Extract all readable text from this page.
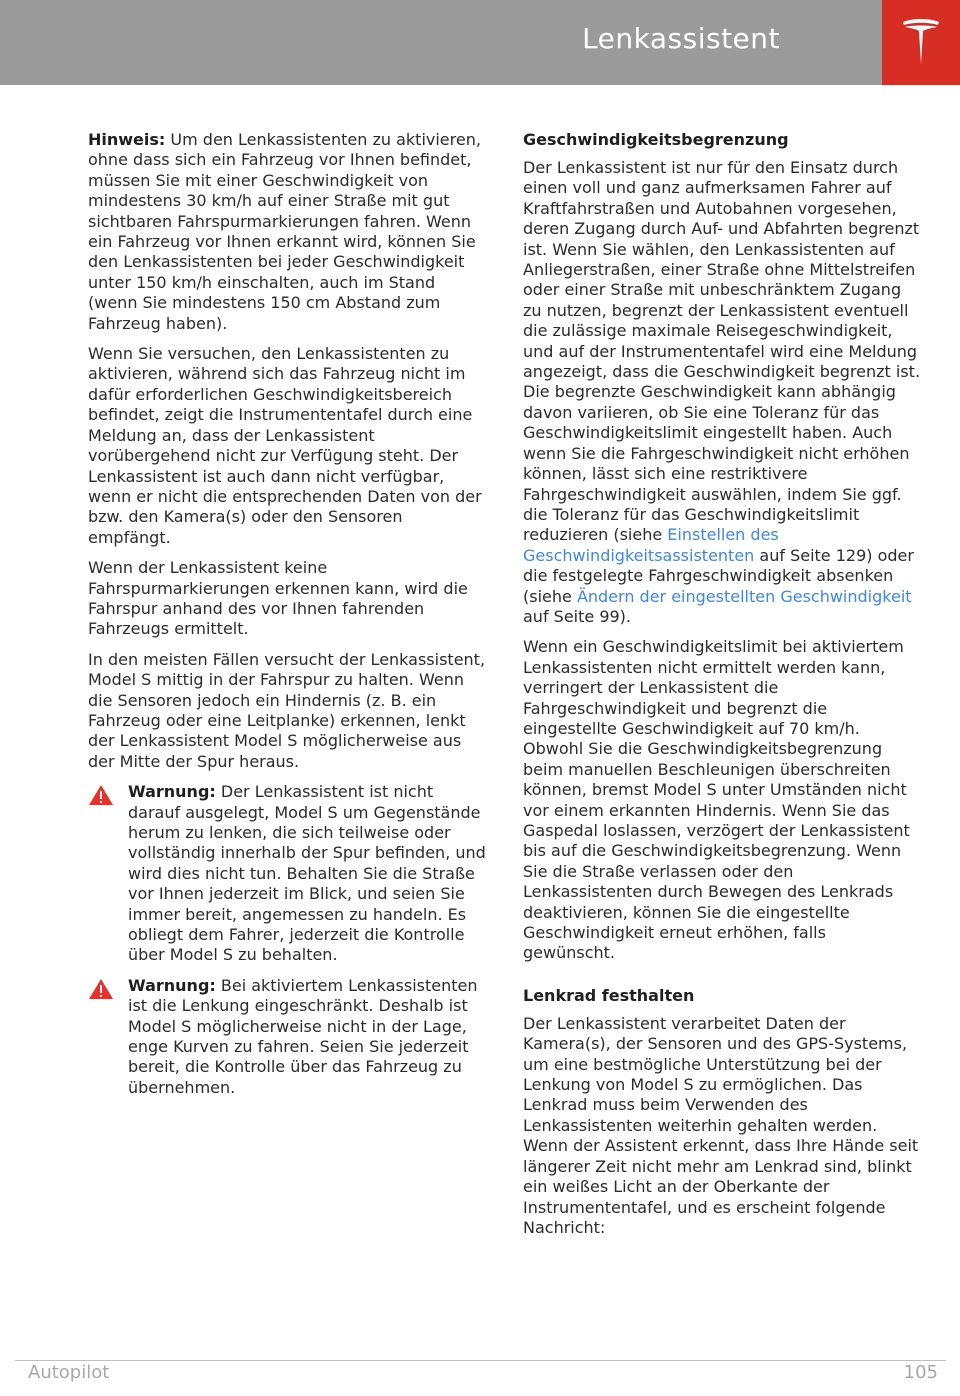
Lenkassistent

Hinweis: Um den Lenkassistenten zu aktivieren, ohne dass sich ein Fahrzeug vor Ihnen befindet, müssen Sie mit einer Geschwindigkeit von mindestens 30 km/h auf einer Straße mit gut sichtbaren Fahrspurmarkierungen fahren. Wenn ein Fahrzeug vor Ihnen erkannt wird, können Sie den Lenkassistenten bei jeder Geschwindigkeit unter 150 km/h einschalten, auch im Stand (wenn Sie mindestens 150 cm Abstand zum Fahrzeug haben).

Wenn Sie versuchen, den Lenkassistenten zu aktivieren, während sich das Fahrzeug nicht im dafür erforderlichen Geschwindigkeitsbereich befindet, zeigt die Instrumententafel durch eine Meldung an, dass der Lenkassistent vorübergehend nicht zur Verfügung steht. Der Lenkassistent ist auch dann nicht verfügbar, wenn er nicht die entsprechenden Daten von der bzw. den Kamera(s) oder den Sensoren empfängt.

Wenn der Lenkassistent keine Fahrspurmarkierungen erkennen kann, wird die Fahrspur anhand des vor Ihnen fahrenden Fahrzeugs ermittelt.

In den meisten Fällen versucht der Lenkassistent, Model S mittig in der Fahrspur zu halten. Wenn die Sensoren jedoch ein Hindernis (z. B. ein Fahrzeug oder eine Leitplanke) erkennen, lenkt der Lenkassistent Model S möglicherweise aus der Mitte der Spur heraus.

Warnung: Der Lenkassistent ist nicht darauf ausgelegt, Model S um Gegenstände herum zu lenken, die sich teilweise oder vollständig innerhalb der Spur befinden, und wird dies nicht tun. Behalten Sie die Straße vor Ihnen jederzeit im Blick, und seien Sie immer bereit, angemessen zu handeln. Es obliegt dem Fahrer, jederzeit die Kontrolle über Model S zu behalten.
Warnung: Bei aktiviertem Lenkassistenten ist die Lenkung eingeschränkt. Deshalb ist Model S möglicherweise nicht in der Lage, enge Kurven zu fahren. Seien Sie jederzeit bereit, die Kontrolle über das Fahrzeug zu übernehmen.
Geschwindigkeitsbegrenzung

Der Lenkassistent ist nur für den Einsatz durch einen voll und ganz aufmerksamen Fahrer auf Kraftfahrstraßen und Autobahnen vorgesehen, deren Zugang durch Auf- und Abfahrten begrenzt ist. Wenn Sie wählen, den Lenkassistenten auf Anliegerstraßen, einer Straße ohne Mittelstreifen oder einer Straße mit unbeschränktem Zugang zu nutzen, begrenzt der Lenkassistent eventuell die zulässige maximale Reisegeschwindigkeit, und auf der Instrumententafel wird eine Meldung angezeigt, dass die Geschwindigkeit begrenzt ist. Die begrenzte Geschwindigkeit kann abhängig davon variieren, ob Sie eine Toleranz für das Geschwindigkeitslimit eingestellt haben. Auch wenn Sie die Fahrgeschwindigkeit nicht erhöhen können, lässt sich eine restriktivere Fahrgeschwindigkeit auswählen, indem Sie ggf. die Toleranz für das Geschwindigkeitslimit reduzieren (siehe Einstellen des Geschwindigkeitsassistenten auf Seite 129) oder die festgelegte Fahrgeschwindigkeit absenken (siehe Ändern der eingestellten Geschwindigkeit auf Seite 99).

Wenn ein Geschwindigkeitslimit bei aktiviertem Lenkassistenten nicht ermittelt werden kann, verringert der Lenkassistent die Fahrgeschwindigkeit und begrenzt die eingestellte Geschwindigkeit auf 70 km/h. Obwohl Sie die Geschwindigkeitsbegrenzung beim manuellen Beschleunigen überschreiten können, bremst Model S unter Umständen nicht vor einem erkannten Hindernis. Wenn Sie das Gaspedal loslassen, verzögert der Lenkassistent bis auf die Geschwindigkeitsbegrenzung. Wenn Sie die Straße verlassen oder den Lenkassistenten durch Bewegen des Lenkrads deaktivieren, können Sie die eingestellte Geschwindigkeit erneut erhöhen, falls gewünscht.

Lenkrad festhalten

Der Lenkassistent verarbeitet Daten der Kamera(s), der Sensoren und des GPS-Systems, um eine bestmögliche Unterstützung bei der Lenkung von Model S zu ermöglichen. Das Lenkrad muss beim Verwenden des Lenkassistenten weiterhin gehalten werden. Wenn der Assistent erkennt, dass Ihre Hände seit längerer Zeit nicht mehr am Lenkrad sind, blinkt ein weißes Licht an der Oberkante der Instrumententafel, und es erscheint folgende Nachricht:

Autopilot	105
